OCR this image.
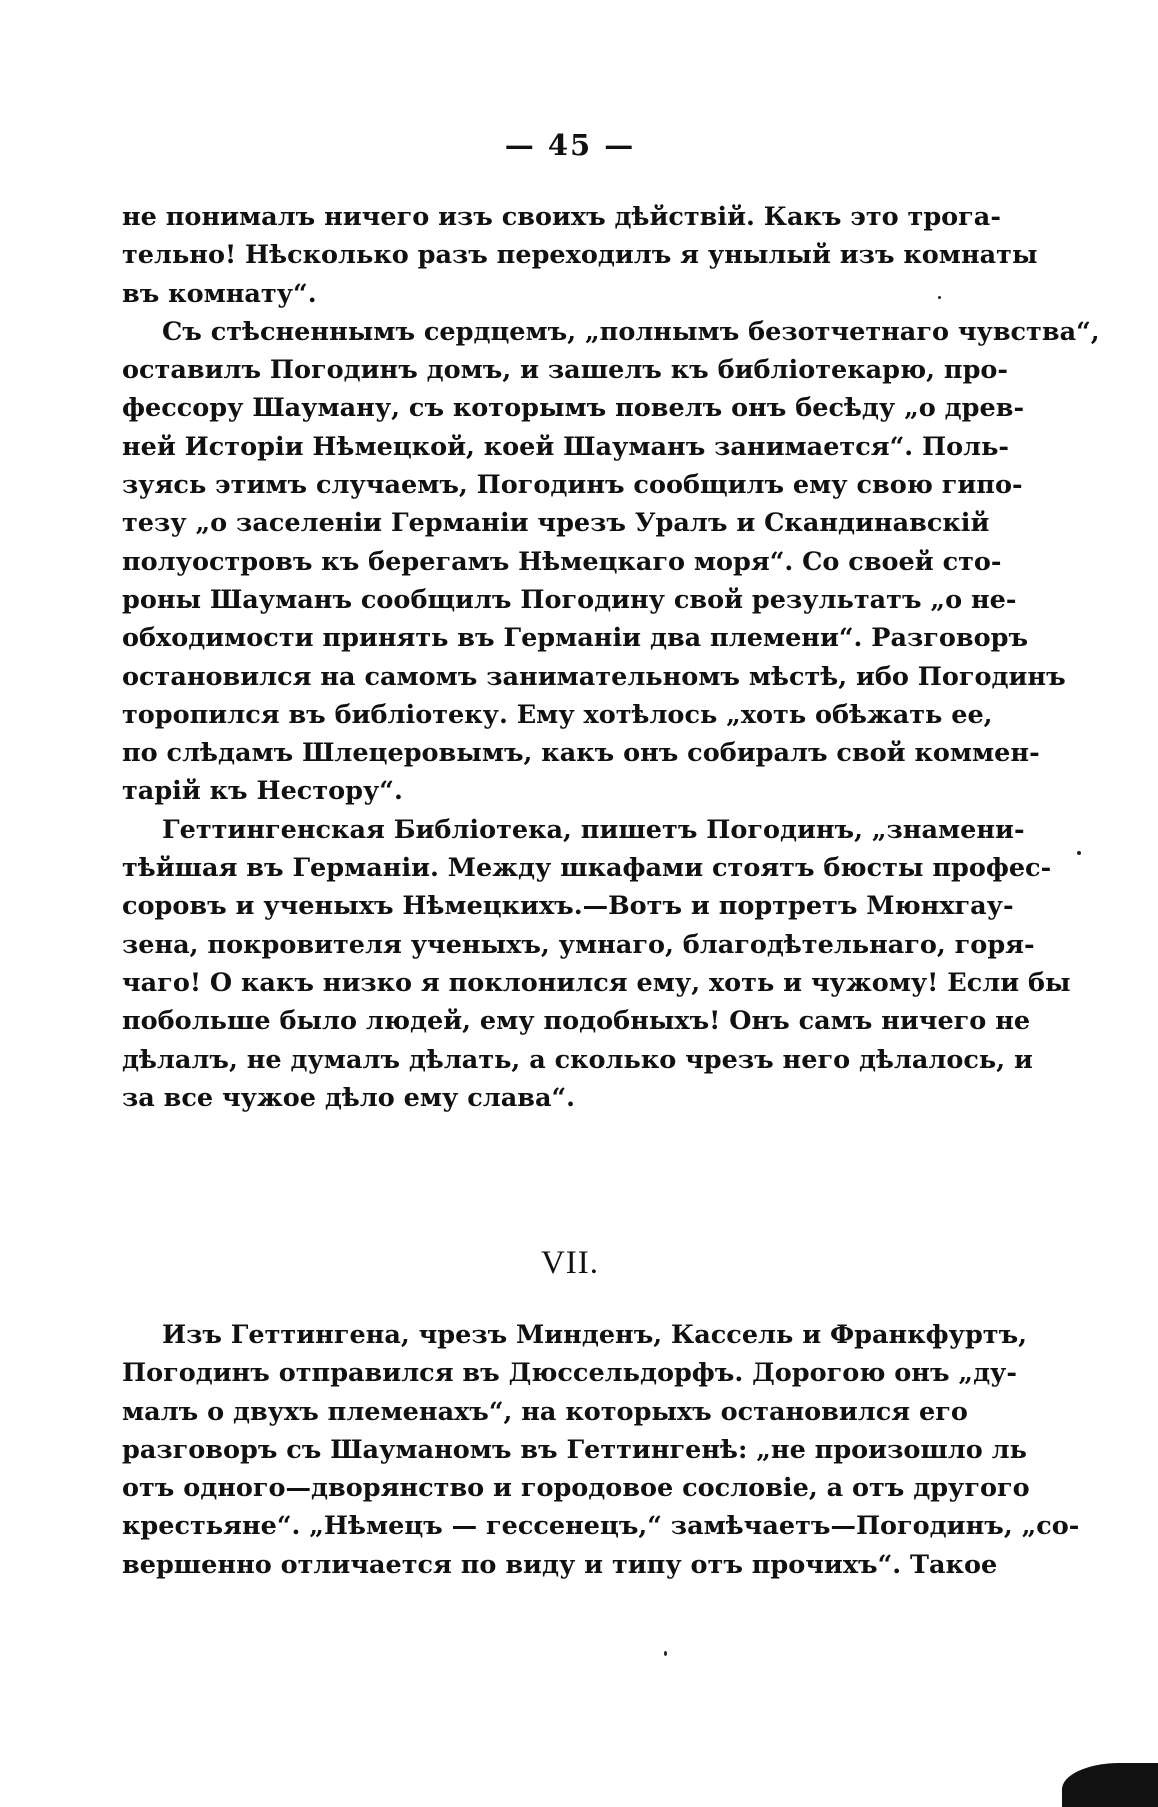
— 45 —
не понималъ ничего изъ своихъ дѣйствій. Какъ это трога-
тельно! Нѣсколько разъ переходилъ я унылый изъ комнаты
въ комнату“.
Съ стѣсненнымъ сердцемъ, „полнымъ безотчетнаго чувства“,
оставилъ Погодинъ домъ, и зашелъ къ библіотекарю, про-
фессору Шауману, съ которымъ повелъ онъ бесѣду „о древ-
ней Исторіи Нѣмецкой, коей Шауманъ занимается“. Поль-
зуясь этимъ случаемъ, Погодинъ сообщилъ ему свою гипо-
тезу „о заселеніи Германіи чрезъ Уралъ и Скандинавскій
полуостровъ къ берегамъ Нѣмецкаго моря“. Со своей сто-
роны Шауманъ сообщилъ Погодину свой результатъ „о не-
обходимости принять въ Германіи два племени“. Разговоръ
остановился на самомъ занимательномъ мѣстѣ, ибо Погодинъ
торопился въ библіотеку. Ему хотѣлось „хоть обѣжать ее,
по слѣдамъ Шлецеровымъ, какъ онъ собиралъ свой коммен-
тарій къ Нестору“.
Геттингенская Библіотека, пишетъ Погодинъ, „знамени-
тѣйшая въ Германіи. Между шкафами стоятъ бюсты профес-
соровъ и ученыхъ Нѣмецкихъ.—Вотъ и портретъ Мюнхгау-
зена, покровителя ученыхъ, умнаго, благодѣтельнаго, горя-
чаго! О какъ низко я поклонился ему, хоть и чужому! Если бы
побольше было людей, ему подобныхъ! Онъ самъ ничего не
дѣлалъ, не думалъ дѣлать, а сколько чрезъ него дѣлалось, и
за все чужое дѣло ему слава“.
VII.
Изъ Геттингена, чрезъ Минденъ, Кассель и Франкфуртъ,
Погодинъ отправился въ Дюссельдорфъ. Дорогою онъ „ду-
малъ о двухъ племенахъ“, на которыхъ остановился его
разговоръ съ Шауманомъ въ Геттингенѣ: „не произошло ль
отъ одного—дворянство и городовое сословіе, а отъ другого
крестьяне“. „Нѣмецъ — гессенецъ,“ замѣчаетъ—Погодинъ, „со-
вершенно отличается по виду и типу отъ прочихъ“. Такое
